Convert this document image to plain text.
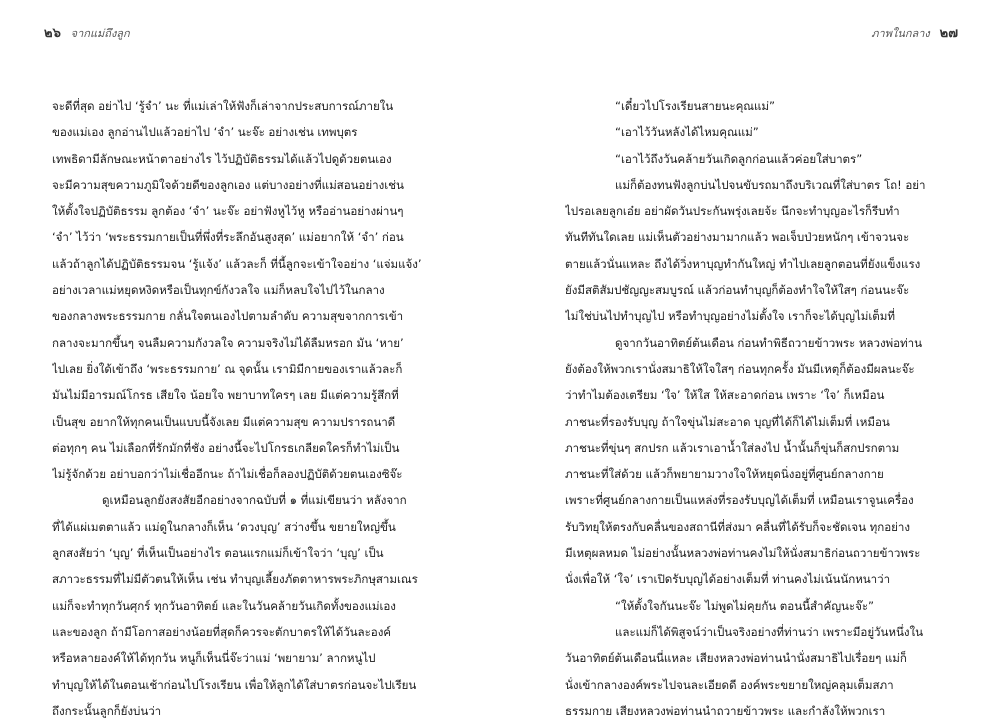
๒๖ จากแม่ถึงลูก
จะดีที่สุด อย่าไป ‘รู้จำ’ นะ ที่แม่เล่าให้ฟังก็เล่าจากประสบการณ์ภายใน
ของแม่เอง ลูกอ่านไปแล้วอย่าไป ‘จำ’ นะจ๊ะ อย่างเช่น เทพบุตร
เทพธิดามีลักษณะหน้าตาอย่างไร ไว้ปฏิบัติธรรมได้แล้วไปดูด้วยตนเอง
จะมีความสุขความภูมิใจด้วยดีของลูกเอง แต่บางอย่างที่แม่สอนอย่างเช่น
ให้ตั้งใจปฏิบัติธรรม ลูกต้อง ‘จำ’ นะจ๊ะ อย่าฟังหูไว้หู หรืออ่านอย่างผ่านๆ
‘จำ’ ไว้ว่า ‘พระธรรมกายเป็นที่พึ่งที่ระลึกอันสูงสุด’ แม่อยากให้ ‘จำ’ ก่อน
แล้วถ้าลูกได้ปฏิบัติธรรมจน ‘รู้แจ้ง’ แล้วละก็ ที่นี้ลูกจะเข้าใจอย่าง ‘แจ่มแจ้ง’
อย่างเวลาแม่หยุดหงิดหรือเป็นทุกข์กังวลใจ แม่ก็หลบใจไปไว้ในกลาง
ของกลางพระธรรมกาย กลั่นใจตนเองไปตามลำดับ ความสุขจากการเข้า
กลางจะมากขึ้นๆ จนลืมความกังวลใจ ความจริงไม่ได้ลืมหรอก มัน ‘หาย’
ไปเลย ยิ่งใด้เข้าถึง ‘พระธรรมกาย’ ณ จุดนั้น เรามิมีกายของเราแล้วละก็
มันไม่มีอารมณ์โกรธ เสียใจ น้อยใจ พยาบาทใครๆ เลย มีแต่ความรู้สึกที่
เป็นสุข อยากให้ทุกคนเป็นแบบนี้จังเลย มีแต่ความสุข ความปรารถนาดี
ต่อทุกๆ คน ไม่เลือกที่รักมักที่ชัง อย่างนี้จะไปโกรธเกลียดใครก็ทำไม่เป็น
ไม่รู้จักด้วย อย่าบอกว่าไม่เชื่ออีกนะ ถ้าไม่เชื่อก็ลองปฏิบัติด้วยตนเองซิจ๊ะ
ดูเหมือนลูกยังสงสัยอีกอย่างจากฉบับที่ ๑ ที่แม่เขียนว่า หลังจาก
ที่ได้แผ่เมตตาแล้ว แม่ดูในกลางก็เห็น ‘ดวงบุญ’ สว่างขึ้น ขยายใหญ่ขึ้น
ลูกสงสัยว่า ‘บุญ’ ที่เห็นเป็นอย่างไร ตอนแรกแม่ก็เข้าใจว่า ‘บุญ’ เป็น
สภาวะธรรมที่ไม่มีตัวตนให้เห็น เช่น ทำบุญเลี้ยงภัตตาหารพระภิกษุสามเณร
แม่ก็จะทำทุกวันศุกร์ ทุกวันอาทิตย์ และในวันคล้ายวันเกิดทั้งของแม่เอง
และของลูก ถ้ามีโอกาสอย่างน้อยที่สุดก็ควรจะตักบาตรให้ได้วันละองค์
หรือหลายองค์ให้ได้ทุกวัน หนูก็เห็นนี่จ๊ะว่าแม่ ‘พยายาม’ ลากหนูไป
ทำบุญให้ได้ในตอนเช้าก่อนไปโรงเรียน เพื่อให้ลูกได้ใส่บาตรก่อนจะไปเรียน
ถึงกระนั้นลูกก็ยังบ่นว่า
ภาพในกลาง ๒๗
“เดี๋ยวไปโรงเรียนสายนะคุณแม่”
“เอาไว้วันหลังได้ไหมคุณแม่”
“เอาไว้ถึงวันคล้ายวันเกิดลูกก่อนแล้วค่อยใส่บาตร”
แม่ก็ต้องทนฟังลูกบ่นไปจนขับรถมาถึงบริเวณที่ใส่บาตร โถ! อย่า
ไปรอเลยลูกเอ๋ย อย่าผัดวันประกันพรุ่งเลยจ้ะ นึกจะทำบุญอะไรก็รีบทำ
ทันทีทันใดเลย แม่เห็นตัวอย่างมามากแล้ว พอเจ็บป่วยหนักๆ เข้าจวนจะ
ตายแล้วนั่นแหละ ถึงได้วิ่งหาบุญทำกันใหญ่ ทำไปเลยลูกตอนที่ยังแข็งแรง
ยังมีสติสัมปชัญญะสมบูรณ์ แล้วก่อนทำบุญก็ต้องทำใจให้ใสๆ ก่อนนะจ๊ะ
ไม่ใช่บ่นไปทำบุญไป หรือทำบุญอย่างไม่ตั้งใจ เราก็จะได้บุญไม่เต็มที่
ดูจากวันอาทิตย์ต้นเดือน ก่อนทำพิธีถวายข้าวพระ หลวงพ่อท่าน
ยังต้องให้พวกเรานั่งสมาธิให้ใจใสๆ ก่อนทุกครั้ง มันมีเหตุก็ต้องมีผลนะจ๊ะ
ว่าทำไมต้องเตรียม ‘ใจ’ ให้ใส ให้สะอาดก่อน เพราะ ‘ใจ’ ก็เหมือน
ภาชนะที่รองรับบุญ ถ้าใจขุ่นไม่สะอาด บุญที่ได้ก็ได้ไม่เต็มที่ เหมือน
ภาชนะที่ขุ่นๆ สกปรก แล้วเราเอาน้ำใส่ลงไป น้ำนั้นก็ขุ่นก็สกปรกตาม
ภาชนะที่ใส่ด้วย แล้วก็พยายามวางใจให้หยุดนิ่งอยู่ที่ศูนย์กลางกาย
เพราะที่ศูนย์กลางกายเป็นแหล่งที่รองรับบุญได้เต็มที่ เหมือนเราจูนเครื่อง
รับวิทยุให้ตรงกับคลื่นของสถานีที่ส่งมา คลื่นที่ได้รับก็จะชัดเจน ทุกอย่าง
มีเหตุผลหมด ไม่อย่างนั้นหลวงพ่อท่านคงไม่ให้นั่งสมาธิก่อนถวายข้าวพระ
นั่งเพื่อให้ ‘ใจ’ เราเปิดรับบุญได้อย่างเต็มที่ ท่านคงไม่เน้นนักหนาว่า
“ให้ตั้งใจกันนะจ๊ะ ไม่พูดไม่คุยกัน ตอนนี้สำคัญนะจ๊ะ”
และแม่ก็ได้พิสูจน์ว่าเป็นจริงอย่างที่ท่านว่า เพราะมีอยู่วันหนึ่งใน
วันอาทิตย์ต้นเดือนนี่แหละ เสียงหลวงพ่อท่านนำนั่งสมาธิไปเรื่อยๆ แม่ก็
นั่งเข้ากลางองค์พระไปจนละเอียดดี องค์พระขยายใหญ่คลุมเต็มสภา
ธรรมกาย เสียงหลวงพ่อท่านนำถวายข้าวพระ และกำลังให้พวกเรา
